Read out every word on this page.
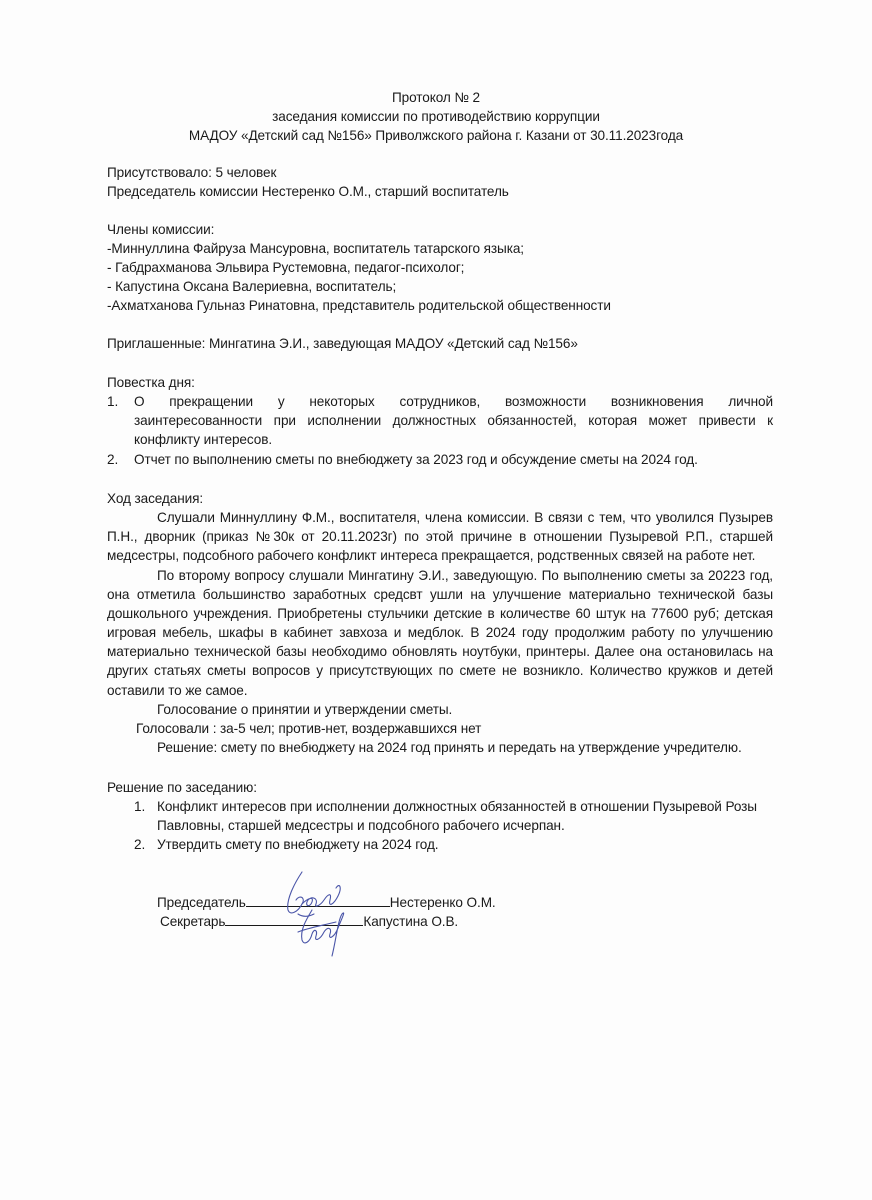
Протокол № 2
заседания комиссии по противодействию коррупции
МАДОУ «Детский сад №156» Приволжского района г. Казани от 30.11.2023года
Присутствовало: 5 человек
Председатель комиссии Нестеренко О.М., старший воспитатель
Члены комиссии:
-Миннуллина Файруза Мансуровна, воспитатель татарского языка;
- Габдрахманова Эльвира Рустемовна, педагог-психолог;
- Капустина Оксана Валериевна, воспитатель;
-Ахматханова Гульназ Ринатовна, представитель родительской общественности
Приглашенные: Мингатина Э.И., заведующая МАДОУ «Детский сад №156»
Повестка дня:
1. О прекращении у некоторых сотрудников, возможности возникновения личной
заинтересованности при исполнении должностных обязанностей, которая может привести к
конфликту интересов.
2. Отчет по выполнению сметы по внебюджету за 2023 год и обсуждение сметы на 2024 год.
Ход заседания:
Слушали Миннуллину Ф.М., воспитателя, члена комиссии. В связи с тем, что уволился Пузырев
П.Н., дворник (приказ №30к от 20.11.2023г) по этой причине в отношении Пузыревой Р.П., старшей
медсестры, подсобного рабочего конфликт интереса прекращается, родственных связей на работе нет.
По второму вопросу слушали Мингатину Э.И., заведующую. По выполнению сметы за 20223 год,
она отметила большинство заработных средсвт ушли на улучшение материально технической базы
дошкольного учреждения. Приобретены стульчики детские в количестве 60 штук на 77600 руб; детская
игровая мебель, шкафы в кабинет завхоза и медблок. В 2024 году продолжим работу по улучшению
материально технической базы необходимо обновлять ноутбуки, принтеры. Далее она остановилась на
других статьях сметы вопросов у присутствующих по смете не возникло. Количество кружков и детей
оставили то же самое.
Голосование о принятии и утверждении сметы.
Голосовали : за-5 чел; против-нет, воздержавшихся нет
Решение: смету по внебюджету на 2024 год принять и передать на утверждение учредителю.
Решение по заседанию:
1. Конфликт интересов при исполнении должностных обязанностей в отношении Пузыревой Розы
Павловны, старшей медсестры и подсобного рабочего исчерпан.
2. Утвердить смету по внебюджету на 2024 год.
Председатель	Нестеренко О.М.
Секретарь	Капустина О.В.
